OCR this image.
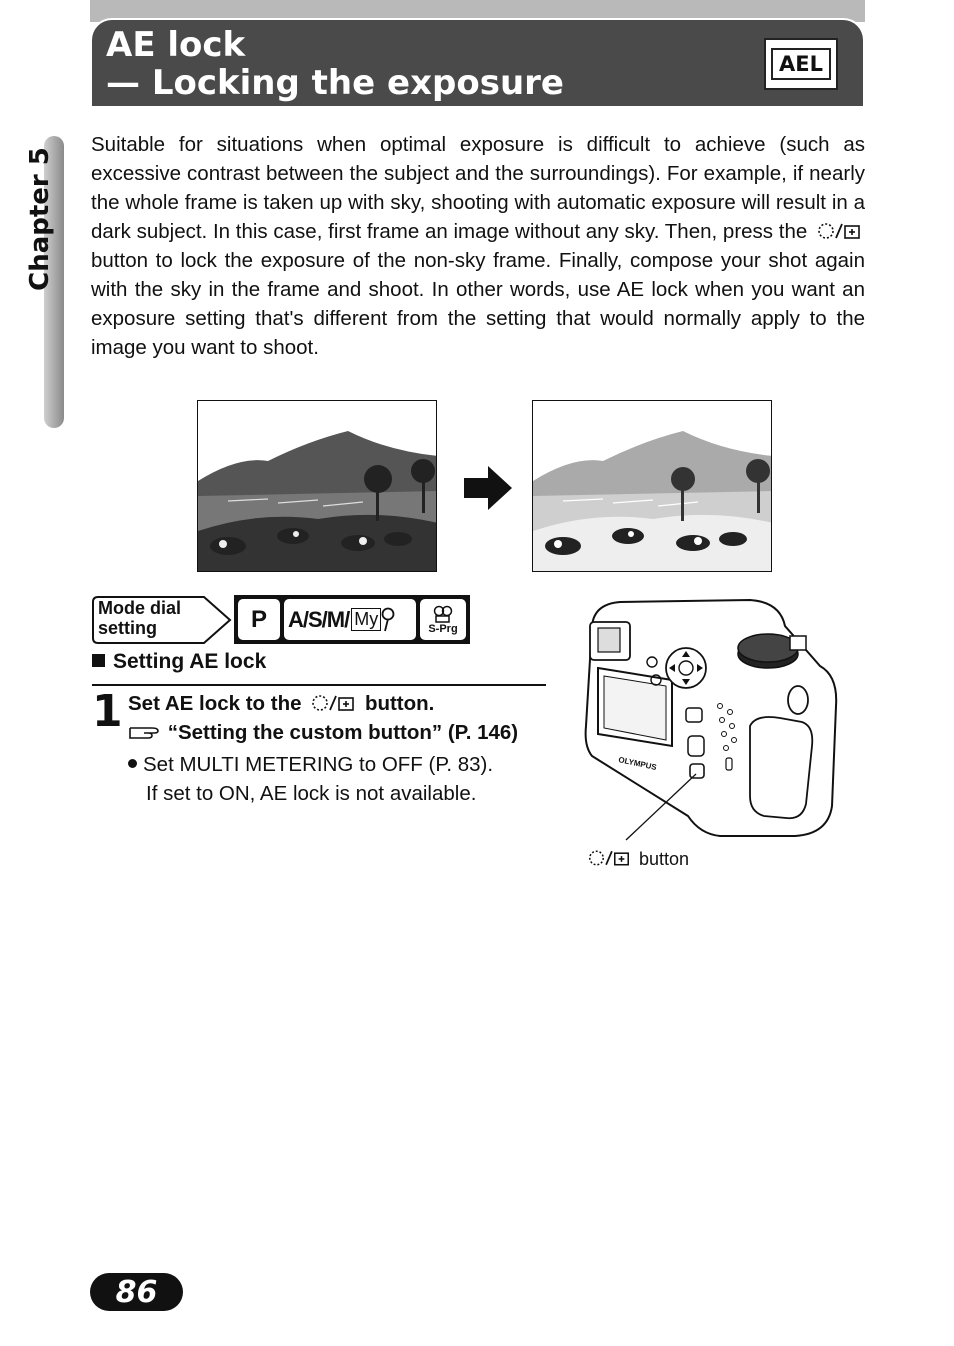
AE lock
— Locking the exposure	AEL
Chapter 5

Suitable for situations when optimal exposure is difficult to achieve (such as excessive contrast between the subject and the surroundings). For example, if nearly the whole frame is taken up with sky, shooting with automatic exposure will result in a dark subject. In this case, first frame an image without any sky. Then, press the  button to lock the exposure of the non-sky frame. Finally, compose your shot again with the sky in the frame and shoot. In other words, use AE lock when you want an exposure setting that's different from the setting that would normally apply to the image you want to shoot.

Mode dial
setting	P A/S/M/ My	S-Prg
Setting AE lock
1 Set AE lock to the	button.
“Setting the custom button” (P. 146)
Set MULTI METERING to OFF (P. 83).
If set to ON, AE lock is not available.
OLYMPUS
button
86
